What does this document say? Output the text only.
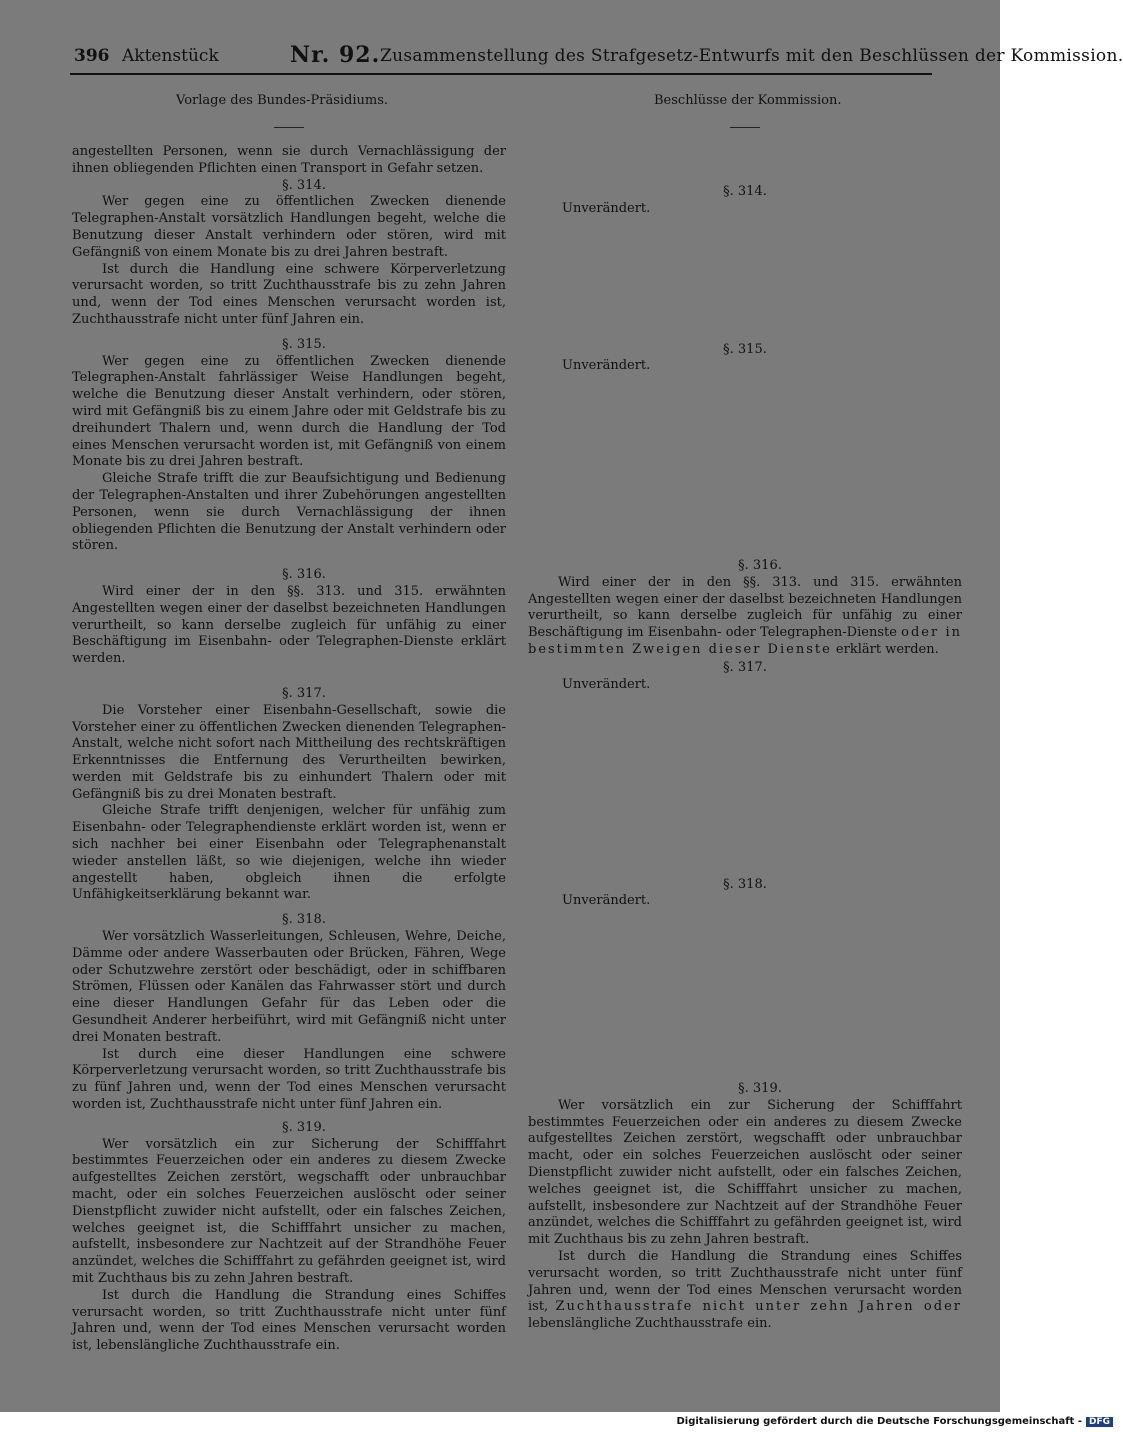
396 Aktenstück	Nr. 92. Zusammenstellung des Strafgesetz-Entwurfs mit den Beschlüssen der Kommission.
Vorlage des Bundes-Präsidiums.	Beschlüsse der Kommission.

angestellten Personen, wenn sie durch Vernachlässigung der ihnen obliegenden Pflichten einen Transport in Gefahr setzen.

§. 314.

Wer gegen eine zu öffentlichen Zwecken dienende Telegraphen-Anstalt vorsätzlich Handlungen begeht, welche die Benutzung dieser Anstalt verhindern oder stören, wird mit Gefängniß von einem Monate bis zu drei Jahren bestraft.

Ist durch die Handlung eine schwere Körperverletzung verursacht worden, so tritt Zuchthausstrafe bis zu zehn Jahren und, wenn der Tod eines Menschen verursacht worden ist, Zuchthausstrafe nicht unter fünf Jahren ein.

§. 315.

Wer gegen eine zu öffentlichen Zwecken dienende Telegraphen-Anstalt fahrlässiger Weise Handlungen begeht, welche die Benutzung dieser Anstalt verhindern, oder stören, wird mit Gefängniß bis zu einem Jahre oder mit Geldstrafe bis zu dreihundert Thalern und, wenn durch die Handlung der Tod eines Menschen verursacht worden ist, mit Gefängniß von einem Monate bis zu drei Jahren bestraft.

Gleiche Strafe trifft die zur Beaufsichtigung und Bedienung der Telegraphen-Anstalten und ihrer Zubehörungen angestellten Personen, wenn sie durch Vernachlässigung der ihnen obliegenden Pflichten die Benutzung der Anstalt verhindern oder stören.

§. 316.

Wird einer der in den §§. 313. und 315. erwähnten Angestellten wegen einer der daselbst bezeichneten Handlungen verurtheilt, so kann derselbe zugleich für unfähig zu einer Beschäftigung im Eisenbahn- oder Telegraphen-Dienste erklärt werden.

§. 317.

Die Vorsteher einer Eisenbahn-Gesellschaft, sowie die Vorsteher einer zu öffentlichen Zwecken dienenden Telegraphen-Anstalt, welche nicht sofort nach Mittheilung des rechtskräftigen Erkenntnisses die Entfernung des Verurtheilten bewirken, werden mit Geldstrafe bis zu einhundert Thalern oder mit Gefängniß bis zu drei Monaten bestraft.

Gleiche Strafe trifft denjenigen, welcher für unfähig zum Eisenbahn- oder Telegraphendienste erklärt worden ist, wenn er sich nachher bei einer Eisenbahn oder Telegraphenanstalt wieder anstellen läßt, so wie diejenigen, welche ihn wieder angestellt haben, obgleich ihnen die erfolgte Unfähigkeitserklärung bekannt war.

§. 318.

Wer vorsätzlich Wasserleitungen, Schleusen, Wehre, Deiche, Dämme oder andere Wasserbauten oder Brücken, Fähren, Wege oder Schutzwehre zerstört oder beschädigt, oder in schiffbaren Strömen, Flüssen oder Kanälen das Fahrwasser stört und durch eine dieser Handlungen Gefahr für das Leben oder die Gesundheit Anderer herbeiführt, wird mit Gefängniß nicht unter drei Monaten bestraft.

Ist durch eine dieser Handlungen eine schwere Körperverletzung verursacht worden, so tritt Zuchthausstrafe bis zu fünf Jahren und, wenn der Tod eines Menschen verursacht worden ist, Zuchthausstrafe nicht unter fünf Jahren ein.

§. 319.

Wer vorsätzlich ein zur Sicherung der Schifffahrt bestimmtes Feuerzeichen oder ein anderes zu diesem Zwecke aufgestelltes Zeichen zerstört, wegschafft oder unbrauchbar macht, oder ein solches Feuerzeichen auslöscht oder seiner Dienstpflicht zuwider nicht aufstellt, oder ein falsches Zeichen, welches geeignet ist, die Schifffahrt unsicher zu machen, aufstellt, insbesondere zur Nachtzeit auf der Strandhöhe Feuer anzündet, welches die Schifffahrt zu gefährden geeignet ist, wird mit Zuchthaus bis zu zehn Jahren bestraft.

Ist durch die Handlung die Strandung eines Schiffes verursacht worden, so tritt Zuchthausstrafe nicht unter fünf Jahren und, wenn der Tod eines Menschen verursacht worden ist, lebenslängliche Zuchthausstrafe ein.

§. 314.
Unverändert.
§. 315.
Unverändert.

§. 316.

Wird einer der in den §§. 313. und 315. erwähnten Angestellten wegen einer der daselbst bezeichneten Handlungen verurtheilt, so kann derselbe zugleich für unfähig zu einer Beschäftigung im Eisenbahn- oder Telegraphen-Dienste oder in bestimmten Zweigen dieser Dienste erklärt werden.

§. 317.
Unverändert.
§. 318.
Unverändert.

§. 319.

Wer vorsätzlich ein zur Sicherung der Schifffahrt bestimmtes Feuerzeichen oder ein anderes zu diesem Zwecke aufgestelltes Zeichen zerstört, wegschafft oder unbrauchbar macht, oder ein solches Feuerzeichen auslöscht oder seiner Dienstpflicht zuwider nicht aufstellt, oder ein falsches Zeichen, welches geeignet ist, die Schifffahrt unsicher zu machen, aufstellt, insbesondere zur Nachtzeit auf der Strandhöhe Feuer anzündet, welches die Schifffahrt zu gefährden geeignet ist, wird mit Zuchthaus bis zu zehn Jahren bestraft.

Ist durch die Handlung die Strandung eines Schiffes verursacht worden, so tritt Zuchthausstrafe nicht unter fünf Jahren und, wenn der Tod eines Menschen verursacht worden ist, Zuchthausstrafe nicht unter zehn Jahren oder lebenslängliche Zuchthausstrafe ein.

Digitalisierung gefördert durch die Deutsche Forschungsgemeinschaft - DFG
